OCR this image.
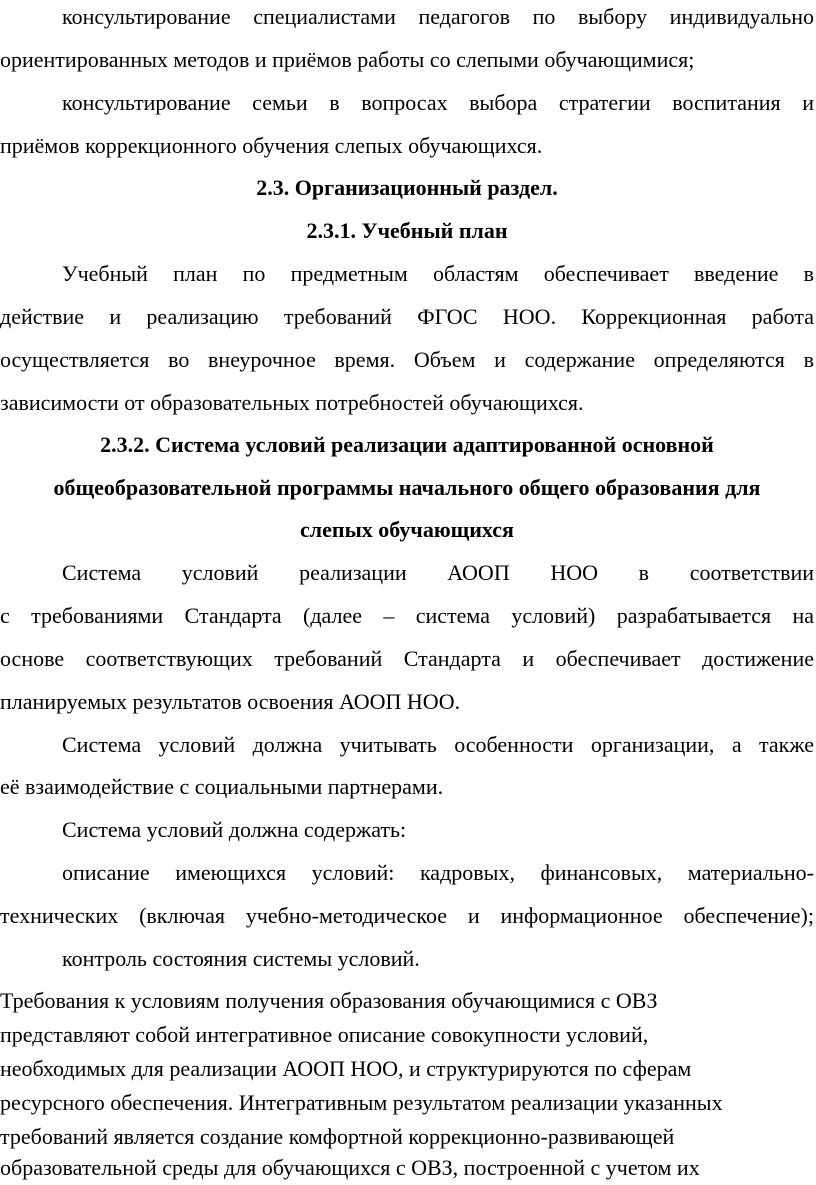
консультирование специалистами педагогов по выбору индивидуально
ориентированных методов и приёмов работы со слепыми обучающимися;
консультирование семьи в вопросах выбора стратегии воспитания и
приёмов коррекционного обучения слепых обучающихся.
2.3. Организационный раздел.
2.3.1. Учебный план
Учебный план по предметным областям обеспечивает введение в
действие и реализацию требований ФГОС НОО. Коррекционная работа
осуществляется во внеурочное время. Объем и содержание определяются в
зависимости от образовательных потребностей обучающихся.
2.3.2. Система условий реализации адаптированной основной
общеобразовательной программы начального общего образования для
слепых обучающихся
Система условий реализации АООП НОО в соответствии
с требованиями Стандарта (далее – система условий) разрабатывается на
основе соответствующих требований Стандарта и обеспечивает достижение
планируемых результатов освоения АООП НОО.
Система условий должна учитывать особенности организации, а также
её взаимодействие с социальными партнерами.
Система условий должна содержать:
описание имеющихся условий: кадровых, финансовых, материально-
технических (включая учебно-методическое и информационное обеспечение);
контроль состояния системы условий.
Требования к условиям получения образования обучающимися с ОВЗ
представляют собой интегративное описание совокупности условий,
необходимых для реализации АООП НОО, и структурируются по сферам
ресурсного обеспечения. Интегративным результатом реализации указанных
требований является создание комфортной коррекционно-развивающей
образовательной среды для обучающихся с ОВЗ, построенной с учетом их
